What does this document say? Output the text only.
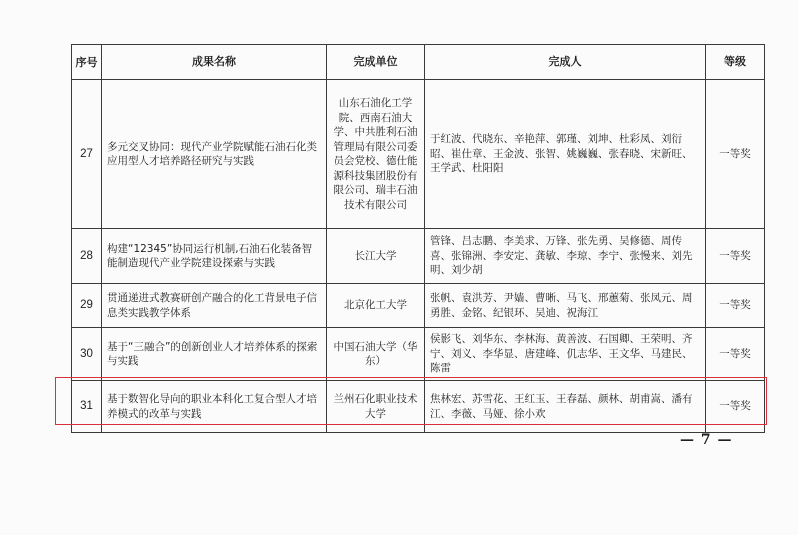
序号	成果名称	完成单位	完成人	等级
27	多元交叉协同：现代产业学院赋能石油石化类应用型人才培养路径研究与实践	山东石油化工学院、西南石油大学、中共胜利石油管理局有限公司委员会党校、德仕能源科技集团股份有限公司、瑞丰石油技术有限公司	于红波、代晓东、辛艳萍、郭瑾、刘坤、杜彩凤、刘衍昭、崔仕章、王金波、张智、姚巍巍、张春晓、宋新旺、王学武、杜阳阳	一等奖
28	构建“12345”协同运行机制,石油石化装备智能制造现代产业学院建设探索与实践	长江大学	管锋、吕志鹏、李美求、万锋、张先勇、吴修德、周传喜、张锦洲、李安定、龚敏、李琼、李宁、张慢来、刘先明、刘少胡	一等奖
29	贯通递进式教赛研创产融合的化工背景电子信息类实践教学体系	北京化工大学	张帆、袁洪芳、尹嫱、曹晰、马飞、邢蕙菊、张凤元、周勇胜、金铭、纪银环、吴迪、祝海江	一等奖
30	基于“三融合”的创新创业人才培养体系的探索与实践	中国石油大学（华东）	侯影飞、刘华东、李林海、黄善波、石国卿、王荣明、齐宁、刘义、李华显、唐建峰、仉志华、王文华、马建民、陈雷	一等奖
31	基于数智化导向的职业本科化工复合型人才培养模式的改革与实践	兰州石化职业技术大学	焦林宏、苏雪花、王红玉、王春磊、颜林、胡甫嵩、潘有江、李薇、马娅、徐小欢	一等奖
— 7 —
